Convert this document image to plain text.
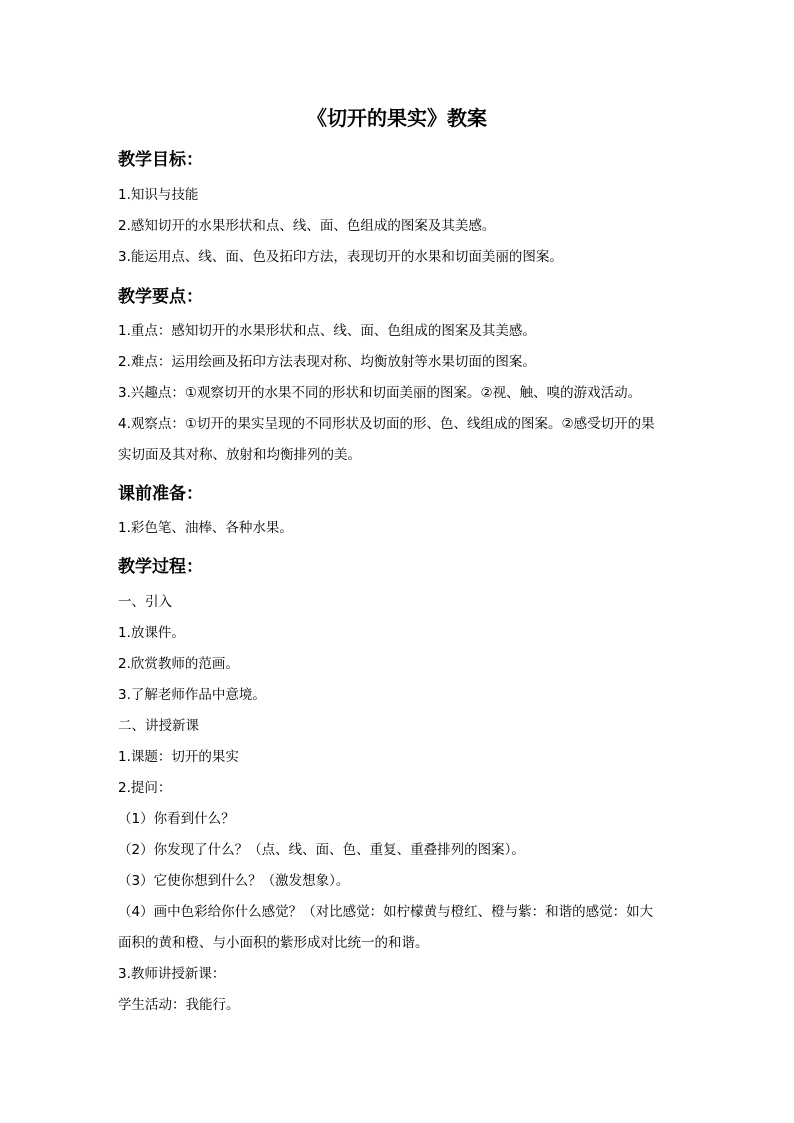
《切开的果实》教案
教学目标：
1.知识与技能
2.感知切开的水果形状和点、线、面、色组成的图案及其美感。
3.能运用点、线、面、色及拓印方法，表现切开的水果和切面美丽的图案。
教学要点：
1.重点：感知切开的水果形状和点、线、面、色组成的图案及其美感。
2.难点：运用绘画及拓印方法表现对称、均衡放射等水果切面的图案。
3.兴趣点：①观察切开的水果不同的形状和切面美丽的图案。②视、触、嗅的游戏活动。
4.观察点：①切开的果实呈现的不同形状及切面的形、色、线组成的图案。②感受切开的果
实切面及其对称、放射和均衡排列的美。
课前准备：
1.彩色笔、油棒、各种水果。
教学过程：
一、引入
1.放课件。
2.欣赏教师的范画。
3.了解老师作品中意境。
二、讲授新课
1.课题：切开的果实
2.提问：
（1）你看到什么？
（2）你发现了什么？（点、线、面、色、重复、重叠排列的图案）。
（3）它使你想到什么？（激发想象）。
（4）画中色彩给你什么感觉？（对比感觉：如柠檬黄与橙红、橙与紫：和谐的感觉：如大
面积的黄和橙、与小面积的紫形成对比统一的和谐。
3.教师讲授新课：
学生活动：我能行。
